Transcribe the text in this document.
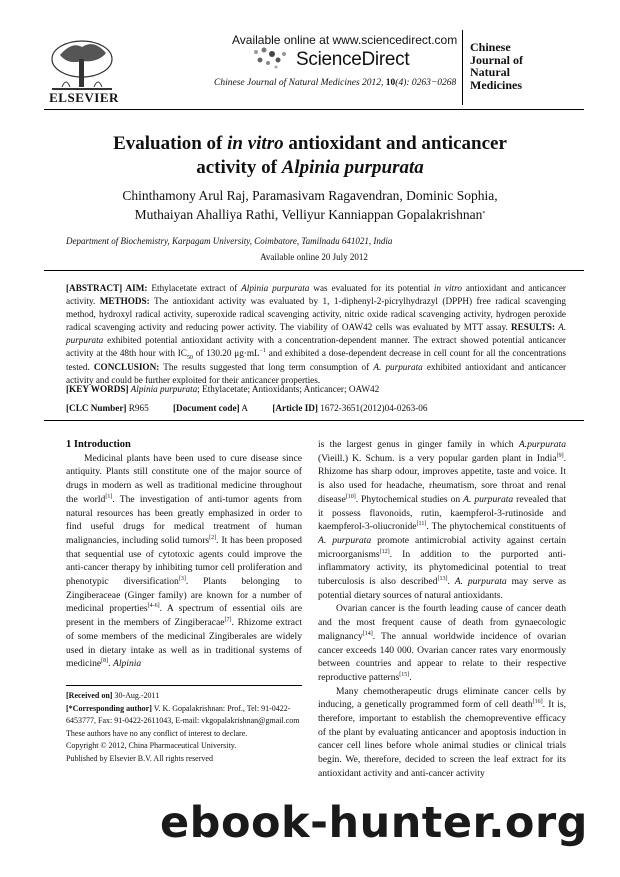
ELSEVIER
Available online at www.sciencedirect.com
ScienceDirect
Chinese Journal of Natural Medicines 2012, 10(4): 0263−0268
Chinese
Journal of
Natural
Medicines
Evaluation of in vitro antioxidant and anticancer
activity of Alpinia purpurata
Chinthamony Arul Raj, Paramasivam Ragavendran, Dominic Sophia,
Muthaiyan Ahalliya Rathi, Velliyur Kanniappan Gopalakrishnan*
Department of Biochemistry, Karpagam University, Coimbatore, Tamilnadu 641021, India
Available online 20 July 2012
[ABSTRACT] AIM: Ethylacetate extract of Alpinia purpurata was evaluated for its potential in vitro antioxidant and anticancer activity. METHODS: The antioxidant activity was evaluated by 1, 1-diphenyl-2-picrylhydrazyl (DPPH) free radical scavenging method, hydroxyl radical activity, superoxide radical scavenging activity, nitric oxide radical scavenging activity, hydrogen peroxide radical scavenging activity and reducing power activity. The viability of OAW42 cells was evaluated by MTT assay. RESULTS: A. purpurata exhibited potential antioxidant activity with a concentration-dependent manner. The extract showed potential anticancer activity at the 48th hour with $IC_{50}$ of 130.20 $\mu g\cdot mL^{-1}$ and exhibited a dose-dependent decrease in cell count for all the concentrations tested. CONCLUSION: The results suggested that long term consumption of A. purpurata exhibited antioxidant and anticancer activity and could be further exploited for their anticancer properties.
[KEY WORDS] Alpinia purpurata; Ethylacetate; Antioxidants; Anticancer; OAW42
[CLC Number] R965	[Document code] A	[Article ID] 1672-3651(2012)04-0263-06

1 Introduction

Medicinal plants have been used to cure disease since antiquity. Plants still constitute one of the major source of drugs in modern as well as traditional medicine throughout the world[1]. The investigation of anti-tumor agents from natural resources has been greatly emphasized in order to find useful drugs for medical treatment of human malignancies, including solid tumors[2]. It has been proposed that sequential use of cytotoxic agents could improve the anti-cancer therapy by inhibiting tumor cell proliferation and phenotypic diversification[3]. Plants belonging to Zingiberaceae (Ginger family) are known for a number of medicinal properties[4-6]. A spectrum of essential oils are present in the members of Zingiberacae[7]. Rhizome extract of some members of the medicinal Zingiberales are widely used in dietary intake as well as in traditional systems of medicine[8]. Alpinia

[Received on] 30-Aug.-2011
[*Corresponding author] V. K. Gopalakrishnan: Prof., Tel: 91-0422-6453777, Fax: 91-0422-2611043, E-mail: vkgopalakrishnan@gmail.com
These authors have no any conflict of interest to declare.
Copyright © 2012, China Pharmaceutical University.
Published by Elsevier B.V. All rights reserved

is the largest genus in ginger family in which A.purpurata (Vieill.) K. Schum. is a very popular garden plant in India[9]. Rhizome has sharp odour, improves appetite, taste and voice. It is also used for headache, rheumatism, sore throat and renal disease[10]. Phytochemical studies on A. purpurata revealed that it possess flavonoids, rutin, kaempferol-3-rutinoside and kaempferol-3-oliucronide[11]. The phytochemical constituents of A. purpurata promote antimicrobial activity against certain microorganisms[12]. In addition to the purported anti-inflammatory activity, its phytomedicinal potential to treat tuberculosis is also described[13]. A. purpurata may serve as potential dietary sources of natural antioxidants.

Ovarian cancer is the fourth leading cause of cancer death and the most frequent cause of death from gynaecologic malignancy[14]. The annual worldwide incidence of ovarian cancer exceeds 140 000. Ovarian cancer rates vary enormously between countries and appear to relate to their respective reproductive patterns[15].

Many chemotherapeutic drugs eliminate cancer cells by inducing, a genetically programmed form of cell death[16]. It is, therefore, important to establish the chemopreventive efficacy of the plant by evaluating anticancer and apoptosis induction in cancer cell lines before whole animal studies or clinical trials begin. We, therefore, decided to screen the leaf extract for its antioxidant activity and anti-cancer activity

ebook-hunter.org
